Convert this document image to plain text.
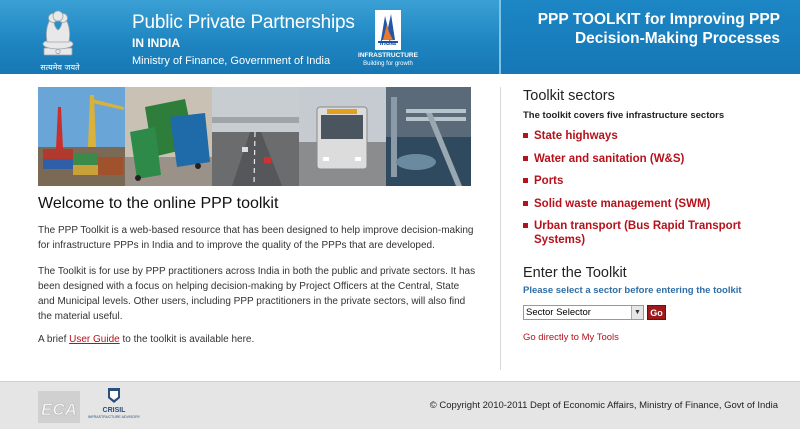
सत्यमेव जयते
Public Private Partnerships
IN INDIA
Ministry of Finance, Government of India
India
INFRASTRUCTURE
Building for growth
PPP TOOLKIT for Improving PPP Decision-Making Processes
Welcome to the online PPP toolkit

The PPP Toolkit is a web-based resource that has been designed to help improve decision-making for infrastructure PPPs in India and to improve the quality of the PPPs that are developed.

The Toolkit is for use by PPP practitioners across India in both the public and private sectors. It has been designed with a focus on helping decision-making by Project Officers at the Central, State and Municipal levels. Other users, including PPP practitioners in the private sectors, will also find the material useful.

A brief User Guide to the toolkit is available here.

Toolkit sectors
The toolkit covers five infrastructure sectors
State highways
Water and sanitation (W&S)
Ports
Solid waste management (SWM)
Urban transport (Bus Rapid Transport Systems)
Enter the Toolkit
Please select a sector before entering the toolkit
Sector Selector	▼	Go
Go directly to My Tools
ECA	CRISIL
INFRASTRUCTURE ADVISORY
© Copyright 2010-2011 Dept of Economic Affairs, Ministry of Finance, Govt of India
